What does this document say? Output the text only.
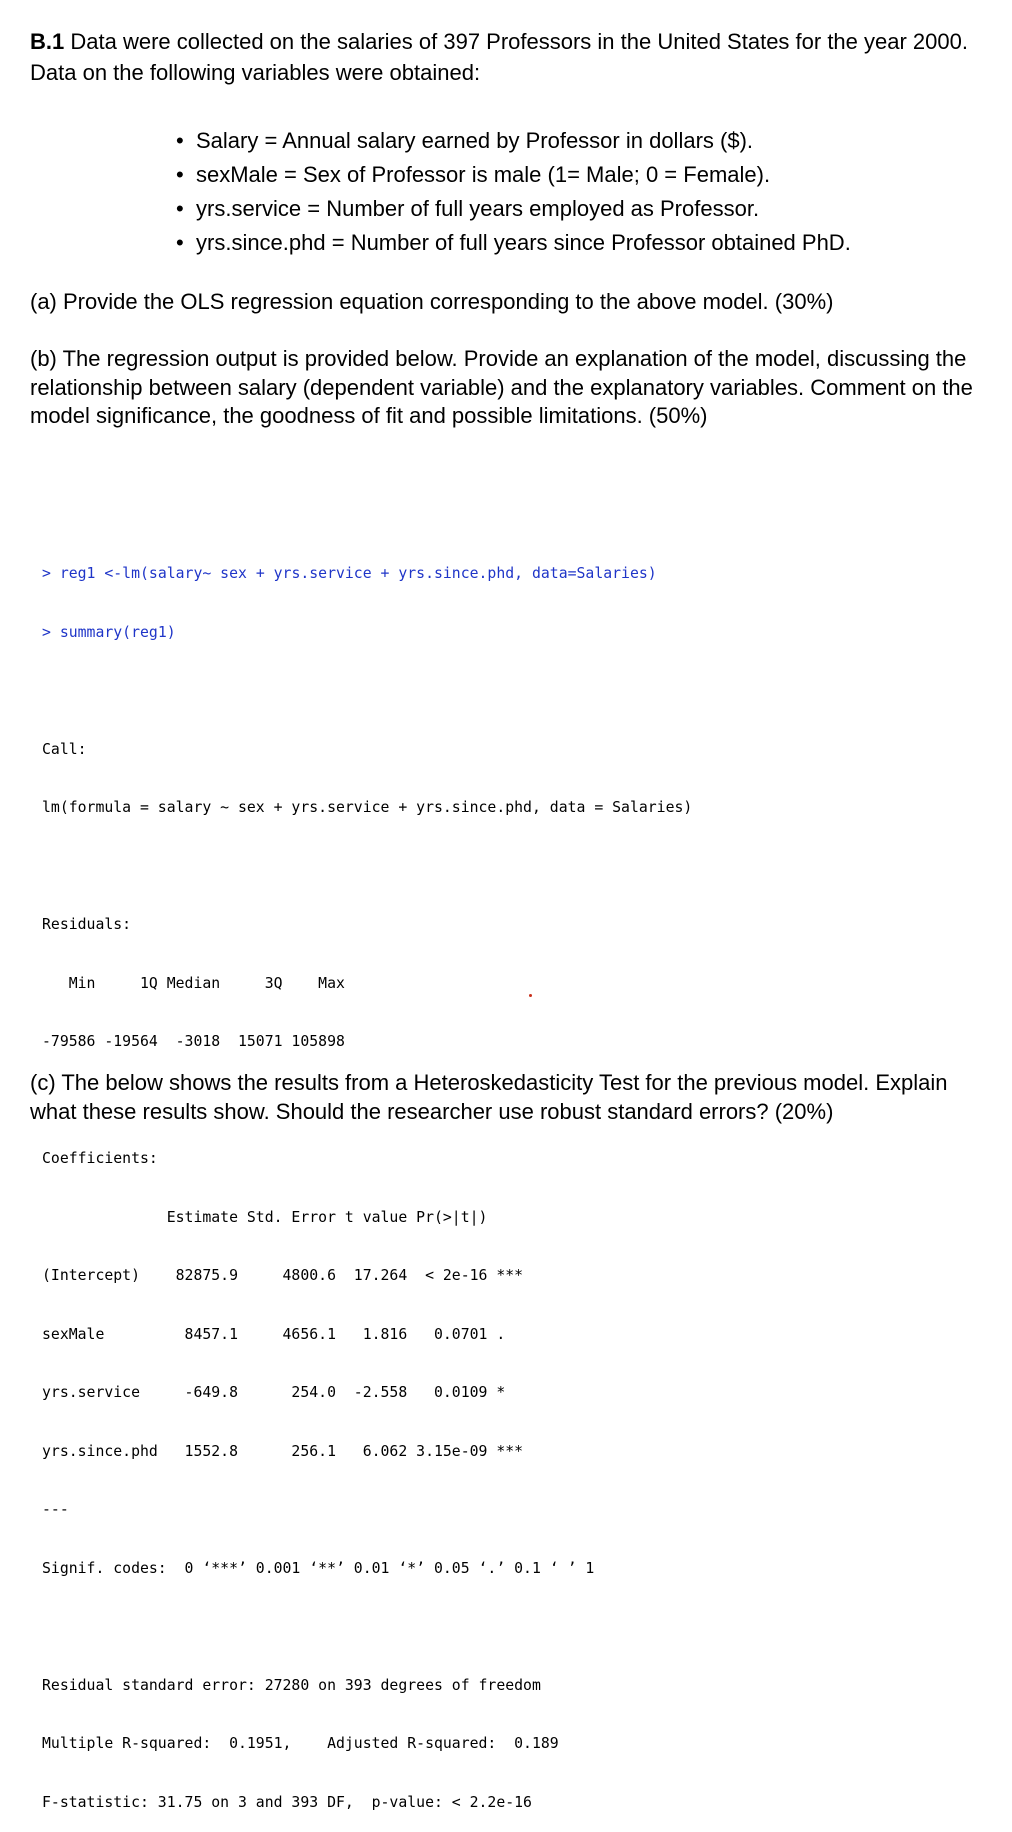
B.1 Data were collected on the salaries of 397 Professors in the United States for the year 2000. Data on the following variables were obtained:

• Salary = Annual salary earned by Professor in dollars ($).
• sexMale = Sex of Professor is male (1= Male; 0 = Female).
• yrs.service = Number of full years employed as Professor.
• yrs.since.phd = Number of full years since Professor obtained PhD.

(a) Provide the OLS regression equation corresponding to the above model. (30%)

(b) The regression output is provided below. Provide an explanation of the model, discussing the relationship between salary (dependent variable) and the explanatory variables. Comment on the model significance, the goodness of fit and possible limitations. (50%)

> reg1 <-lm(salary~ sex + yrs.service + yrs.since.phd, data=Salaries)

> summary(reg1)

Call:

lm(formula = salary ~ sex + yrs.service + yrs.since.phd, data = Salaries)

Residuals:

Min     1Q Median     3Q    Max

-79586 -19564  -3018  15071 105898

Coefficients:

Estimate Std. Error t value Pr(>|t|)

(Intercept)    82875.9     4800.6  17.264  < 2e-16 ***

sexMale         8457.1     4656.1   1.816   0.0701 .

yrs.service     -649.8      254.0  -2.558   0.0109 *

yrs.since.phd   1552.8      256.1   6.062 3.15e-09 ***

---

Signif. codes:  0 ‘***’ 0.001 ‘**’ 0.01 ‘*’ 0.05 ‘.’ 0.1 ‘ ’ 1

Residual standard error: 27280 on 393 degrees of freedom

Multiple R-squared:  0.1951,    Adjusted R-squared:  0.189

F-statistic: 31.75 on 3 and 393 DF,  p-value: < 2.2e-16

(c) The below shows the results from a Heteroskedasticity Test for the previous model. Explain what these results show. Should the researcher use robust standard errors? (20%)
